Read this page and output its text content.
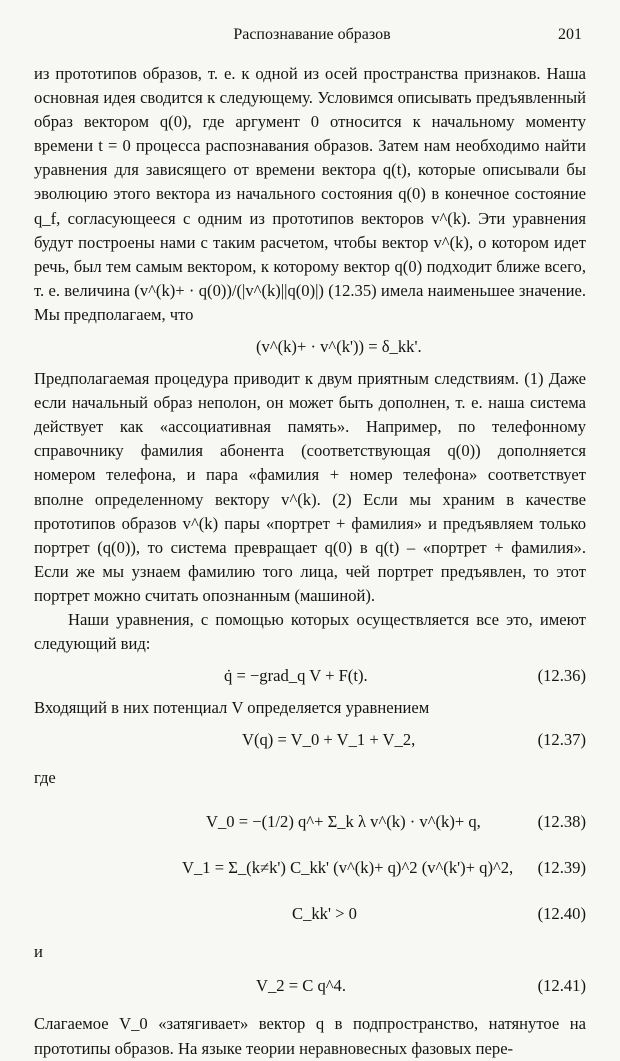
Распознавание образов	201

из прототипов образов, т. е. к одной из осей пространства признаков. Наша основная идея сводится к следующему. Условимся описывать предъявленный образ вектором q(0), где аргумент 0 относится к начальному моменту времени t = 0 процесса распознавания образов. Затем нам необходимо найти уравнения для зависящего от времени вектора q(t), которые описывали бы эволюцию этого вектора из начального состояния q(0) в конечное состояние q_f, согласующееся с одним из прототипов векторов v^(k). Эти уравнения будут построены нами с таким расчетом, чтобы вектор v^(k), о котором идет речь, был тем самым вектором, к которому вектор q(0) подходит ближе всего, т. е. величина (v^(k)+ · q(0))/(|v^(k)||q(0)|) (12.35) имела наименьшее значение. Мы предполагаем, что

(v^(k)+ · v^(k')) = δ_kk'.

Предполагаемая процедура приводит к двум приятным следствиям. (1) Даже если начальный образ неполон, он может быть дополнен, т. е. наша система действует как «ассоциативная память». Например, по телефонному справочнику фамилия абонента (соответствующая q(0)) дополняется номером телефона, и пара «фамилия + номер телефона» соответствует вполне определенному вектору v^(k). (2) Если мы храним в качестве прототипов образов v^(k) пары «портрет + фамилия» и предъявляем только портрет (q(0)), то система превращает q(0) в q(t) – «портрет + фамилия». Если же мы узнаем фамилию того лица, чей портрет предъявлен, то этот портрет можно считать опознанным (машиной).

Наши уравнения, с помощью которых осуществляется все это, имеют следующий вид:

q̇ = −grad_q V + F(t).	(12.36)

Входящий в них потенциал V определяется уравнением

V(q) = V_0 + V_1 + V_2,	(12.37)

где

V_0 = −(1/2) q^+ Σ_k λ v^(k) · v^(k)+ q,	(12.38)
V_1 = Σ_(k≠k') C_kk' (v^(k)+ q)^2 (v^(k')+ q)^2, (12.39)
C_kk' > 0	(12.40)

и

V_2 = C q^4.	(12.41)

Слагаемое V_0 «затягивает» вектор q в подпространство, натянутое на прототипы образов. На языке теории неравновесных фазовых пере-
